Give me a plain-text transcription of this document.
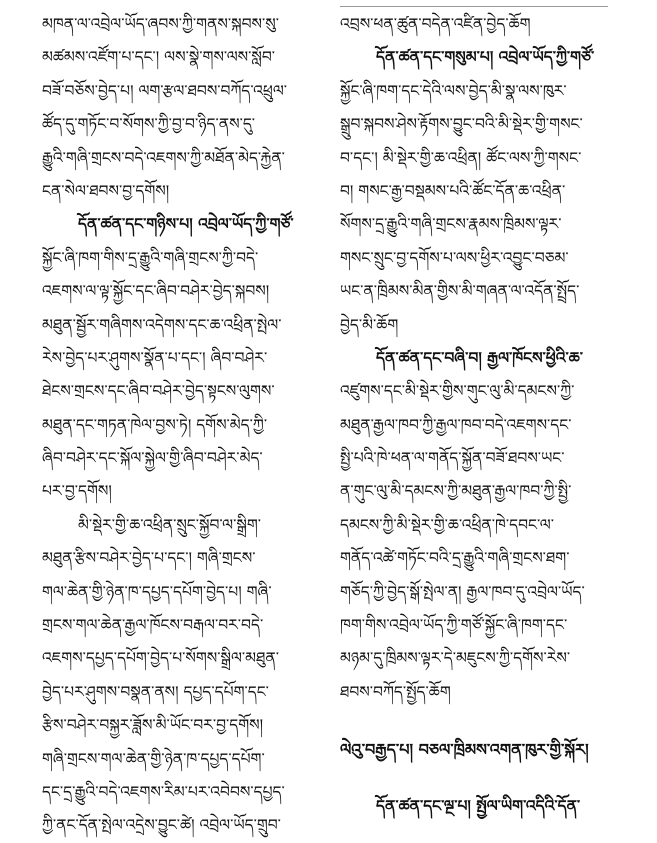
མཁན་ལ་འབྲེལ་ཡོད་ཞབས་ཀྱི་གནས་སྐབས་སུ་
མཚམས་འཛོག་པ་དང་། ལས་སྣེ་གས་ལས་སློབ་
བཟོ་བཅོས་བྱེད་པ། ལག་རྩལ་ཐབས་བཀོད་འཕྲུལ་
ཚོད་དུ་གཏོང་བ་སོགས་ཀྱི་བྱ་བ་ཉིད་ནས་དུ་
རྒྱུའི་གཞི་གྲངས་བདེ་འཇགས་ཀྱི་མཐོན་མེད་རྐྱེན་
ངན་སེལ་ཐབས་བྱ་དགོས།
དོན་ཚན་དང་གཉིས་པ། འབྲེལ་ཡོད་ཀྱི་གཙོ་
སྐྱོང་ཞི་ཁག་གིས་དྲ་རྒྱུའི་གཞི་གྲངས་ཀྱི་བདེ་
འཇགས་ལ་ལྟ་སྐྱོང་དང་ཞིབ་བཤེར་བྱེད་སྐབས།
མཐུན་སྦྱོར་གཞིགས་འདེགས་དང་ཆ་འཕྲིན་སྤེལ་
རེས་བྱེད་པར་ཤུགས་སྣོན་པ་དང་། ཞིབ་བཤེར་
ཐེངས་གྲངས་དང་ཞིབ་བཤེར་བྱེད་སྟངས་ལུགས་
མཐུན་དང་གཏན་ཁེལ་བྱས་ཏེ། དགོས་མེད་ཀྱི་
ཞིབ་བཤེར་དང་སྐོལ་སྐྱེལ་གྱི་ཞིབ་བཤེར་མེད་
པར་བྱ་དགོས།
མི་སྡེར་གྱི་ཆ་འཕྲིན་སྲུང་སྐྱོབ་ལ་སྒྲིག་
མཐུན་རྩིས་བཤེར་བྱེད་པ་དང་། གཞི་གྲངས་
གལ་ཆེན་གྱི་ཉེན་ཁ་དཔྱད་དཔོག་བྱེད་པ། གཞི་
གྲངས་གལ་ཆེན་རྒྱལ་ཁོངས་བརྒལ་བར་བདེ་
འཇགས་དཔྱད་དཔོག་བྱེད་པ་སོགས་སྒྲིལ་མཐུན་
བྱེད་པར་ཤུགས་བསྣན་ནས། དཔྱད་དཔོག་དང་
རྩིས་བཤེར་བསྐྱར་ཟློས་མི་ཡོང་བར་བྱ་དགོས།
གཞི་གྲངས་གལ་ཆེན་གྱི་ཉེན་ཁ་དཔྱད་དཔོག་
དང་དྲ་རྒྱུའི་བདེ་འཇགས་རིམ་པར་འབེབས་དཔྱད་
ཀྱི་ནང་དོན་སྤེལ་འདྲེས་བྱུང་ཚེ། འབྲེལ་ཡོད་གྲུབ་
འབྲས་ཕན་ཚུན་བདེན་འཛིན་བྱེད་ཆོག
དོན་ཚན་དང་གསུམ་པ། འབྲེལ་ཡོད་ཀྱི་གཙོ་
སྐྱོང་ཞི་ཁག་དང་དེའི་ལས་བྱེད་མི་སྣ་ལས་ཁུར་
སྒྲུབ་སྐབས་ཤེས་རྟོགས་བྱུང་བའི་མི་སྡེར་གྱི་གསང་
བ་དང་། མི་སྡེར་གྱི་ཆ་འཕྲིན། ཚོང་ལས་ཀྱི་གསང་
བ། གསང་རྒྱ་བསྡམས་པའི་ཚོང་དོན་ཆ་འཕྲིན་
སོགས་དྲ་རྒྱུའི་གཞི་གྲངས་རྣམས་ཁྲིམས་ལྟར་
གསང་སྲུང་བྱ་དགོས་པ་ལས་ཕྱིར་འབྱུང་བཅམ་
ཡང་ན་ཁྲིམས་མིན་གྱིས་མི་གཞན་ལ་འདོན་སྤྲོད་
བྱེད་མི་ཆོག
དོན་ཚན་དང་བཞི་བ། རྒྱལ་ཁོངས་ཕྱིའི་ཆ་
འཛུགས་དང་མི་སྡེར་གྱིས་གུང་ལུ་མི་དམངས་ཀྱི་
མཐུན་རྒྱལ་ཁབ་ཀྱི་རྒྱལ་ཁབ་བདེ་འཇགས་དང་
སྤྱི་པའི་ཁེ་ཕན་ལ་གནོད་སྐྱོན་བཟོ་ཐབས་ཡང་
ན་གུང་ལུ་མི་དམངས་ཀྱི་མཐུན་རྒྱལ་ཁབ་ཀྱི་སྤྱི་
དམངས་ཀྱི་མི་སྡེར་གྱི་ཆ་འཕྲིན་ཁེ་དབང་ལ་
གནོད་འཚེ་གཏོང་བའི་དྲ་རྒྱུའི་གཞི་གྲངས་ཐག་
གཅོད་ཀྱི་བྱེད་སྒོ་སྤེལ་ན། རྒྱལ་ཁབ་དུ་འབྲེལ་ཡོད་
ཁག་གིས་འབྲེལ་ཡོད་ཀྱི་གཙོ་སྐྱོང་ཞི་ཁག་དང་
མཉམ་དུ་ཁྲིམས་ལྟར་དེ་མཇུངས་ཀྱི་དགོས་རེས་
ཐབས་བཀོད་སྤྱོད་ཆོག
ལེའུ་བརྒྱད་པ། བཅལ་ཁྲིམས་འགན་ཁུར་གྱི་སྐོར།
དོན་ཚན་དང་ལྔ་པ། སྤྱོལ་ཡིག་འདིའི་དོན་
